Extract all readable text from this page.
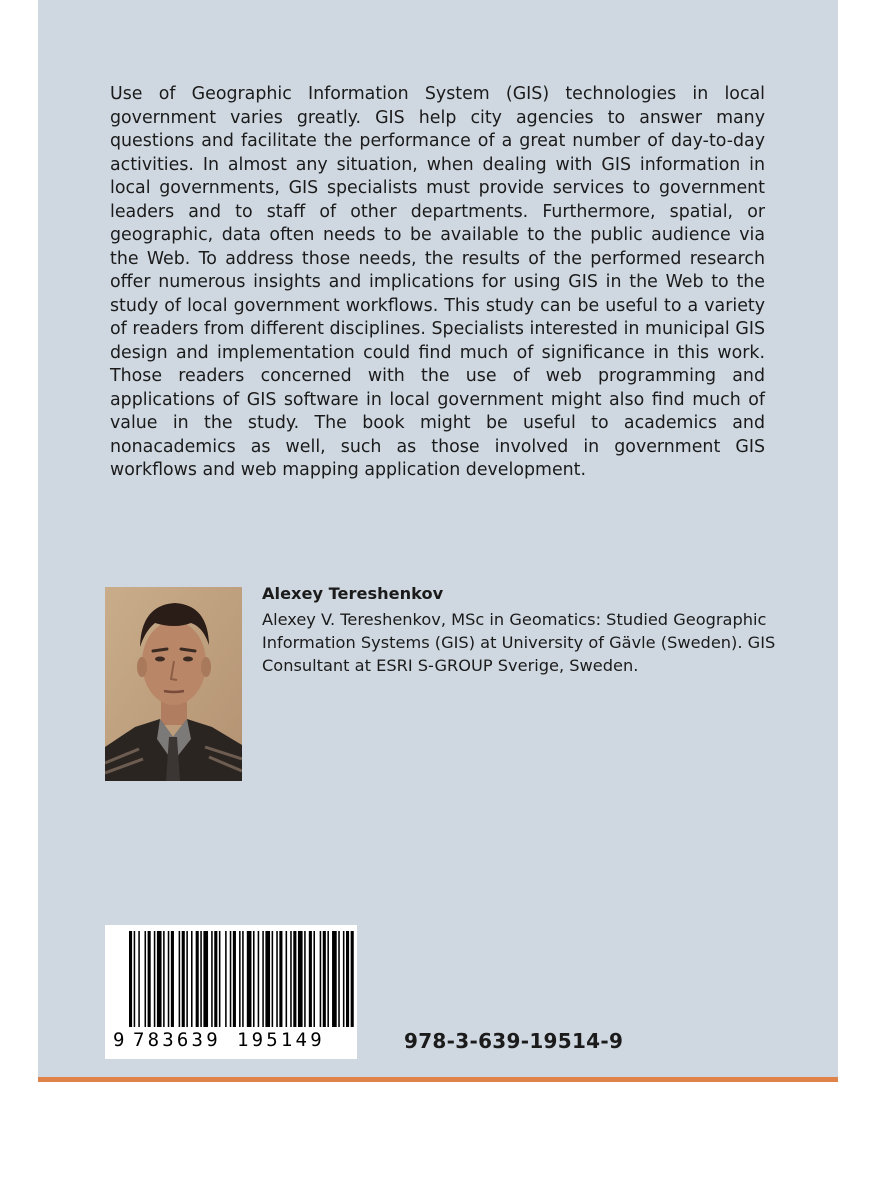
Use of Geographic Information System (GIS) technologies in local government varies greatly. GIS help city agencies to answer many questions and facilitate the performance of a great number of day-to-day activities. In almost any situation, when dealing with GIS information in local governments, GIS specialists must provide services to government leaders and to staff of other departments. Furthermore, spatial, or geographic, data often needs to be available to the public audience via the Web. To address those needs, the results of the performed research offer numerous insights and implications for using GIS in the Web to the study of local government workflows. This study can be useful to a variety of readers from different disciplines. Specialists interested in municipal GIS design and implementation could find much of significance in this work. Those readers concerned with the use of web programming and applications of GIS software in local government might also find much of value in the study. The book might be useful to academics and nonacademics as well, such as those involved in government GIS workflows and web mapping application development.

Alexey Tereshenkov

Alexey V. Tereshenkov, MSc in Geomatics: Studied Geographic Information Systems (GIS) at University of Gävle (Sweden). GIS Consultant at ESRI S-GROUP Sverige, Sweden.

9 783639 195149	978-3-639-19514-9
